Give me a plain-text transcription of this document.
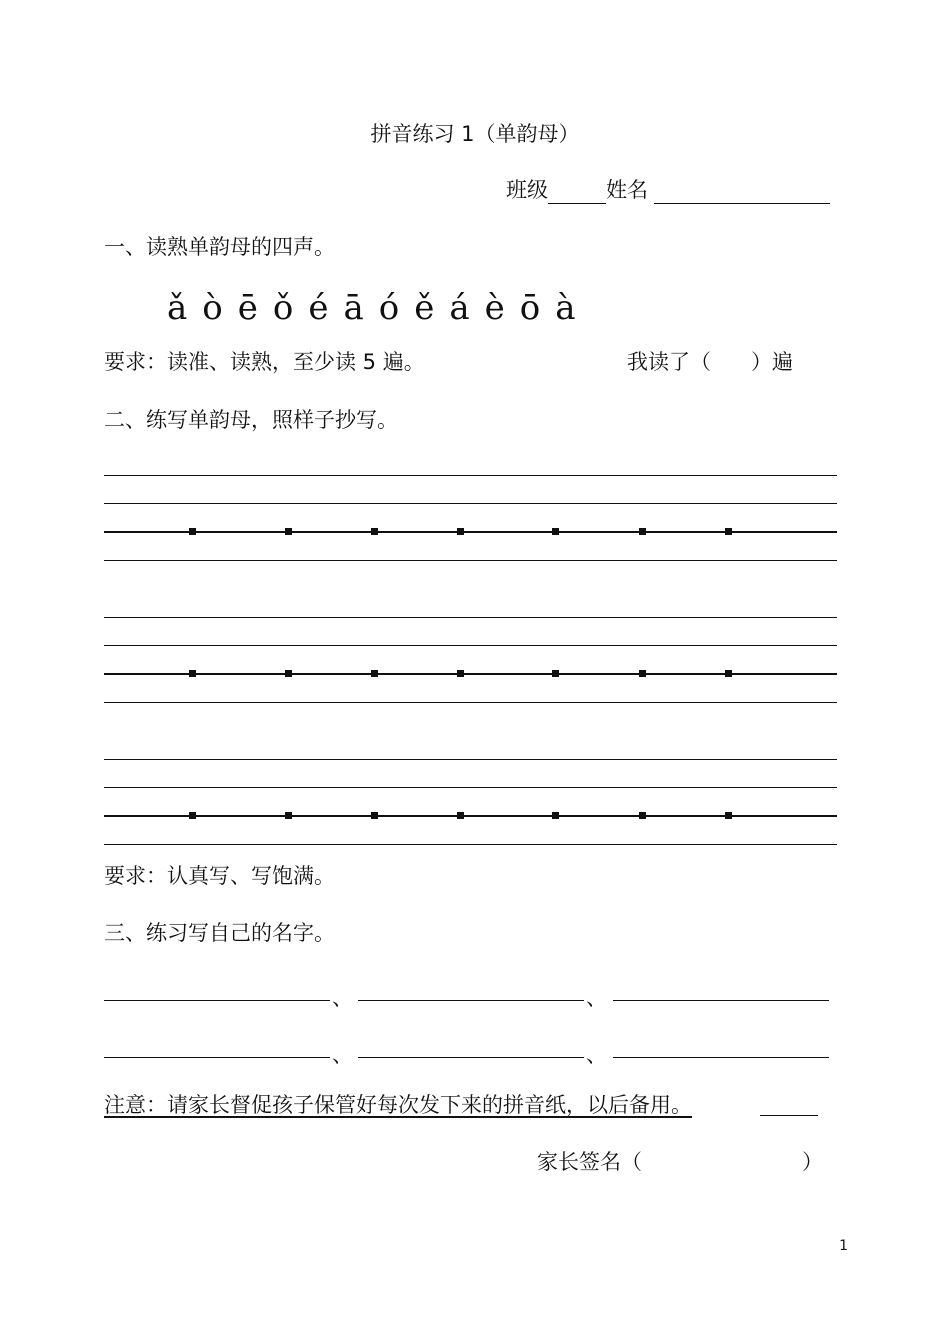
拼音练习 1（单韵母）
班级	姓名
一、读熟单韵母的四声。
ǎ ò ē ǒ é ā ó ě á è ō à
要求：读准、读熟，至少读 5 遍。	我读了（ ）遍
二、练写单韵母，照样子抄写。
要求：认真写、写饱满。
三、练习写自己的名字。
、	、
、	、
注意：请家长督促孩子保管好每次发下来的拼音纸，以后备用。
家长签名（	）
1
